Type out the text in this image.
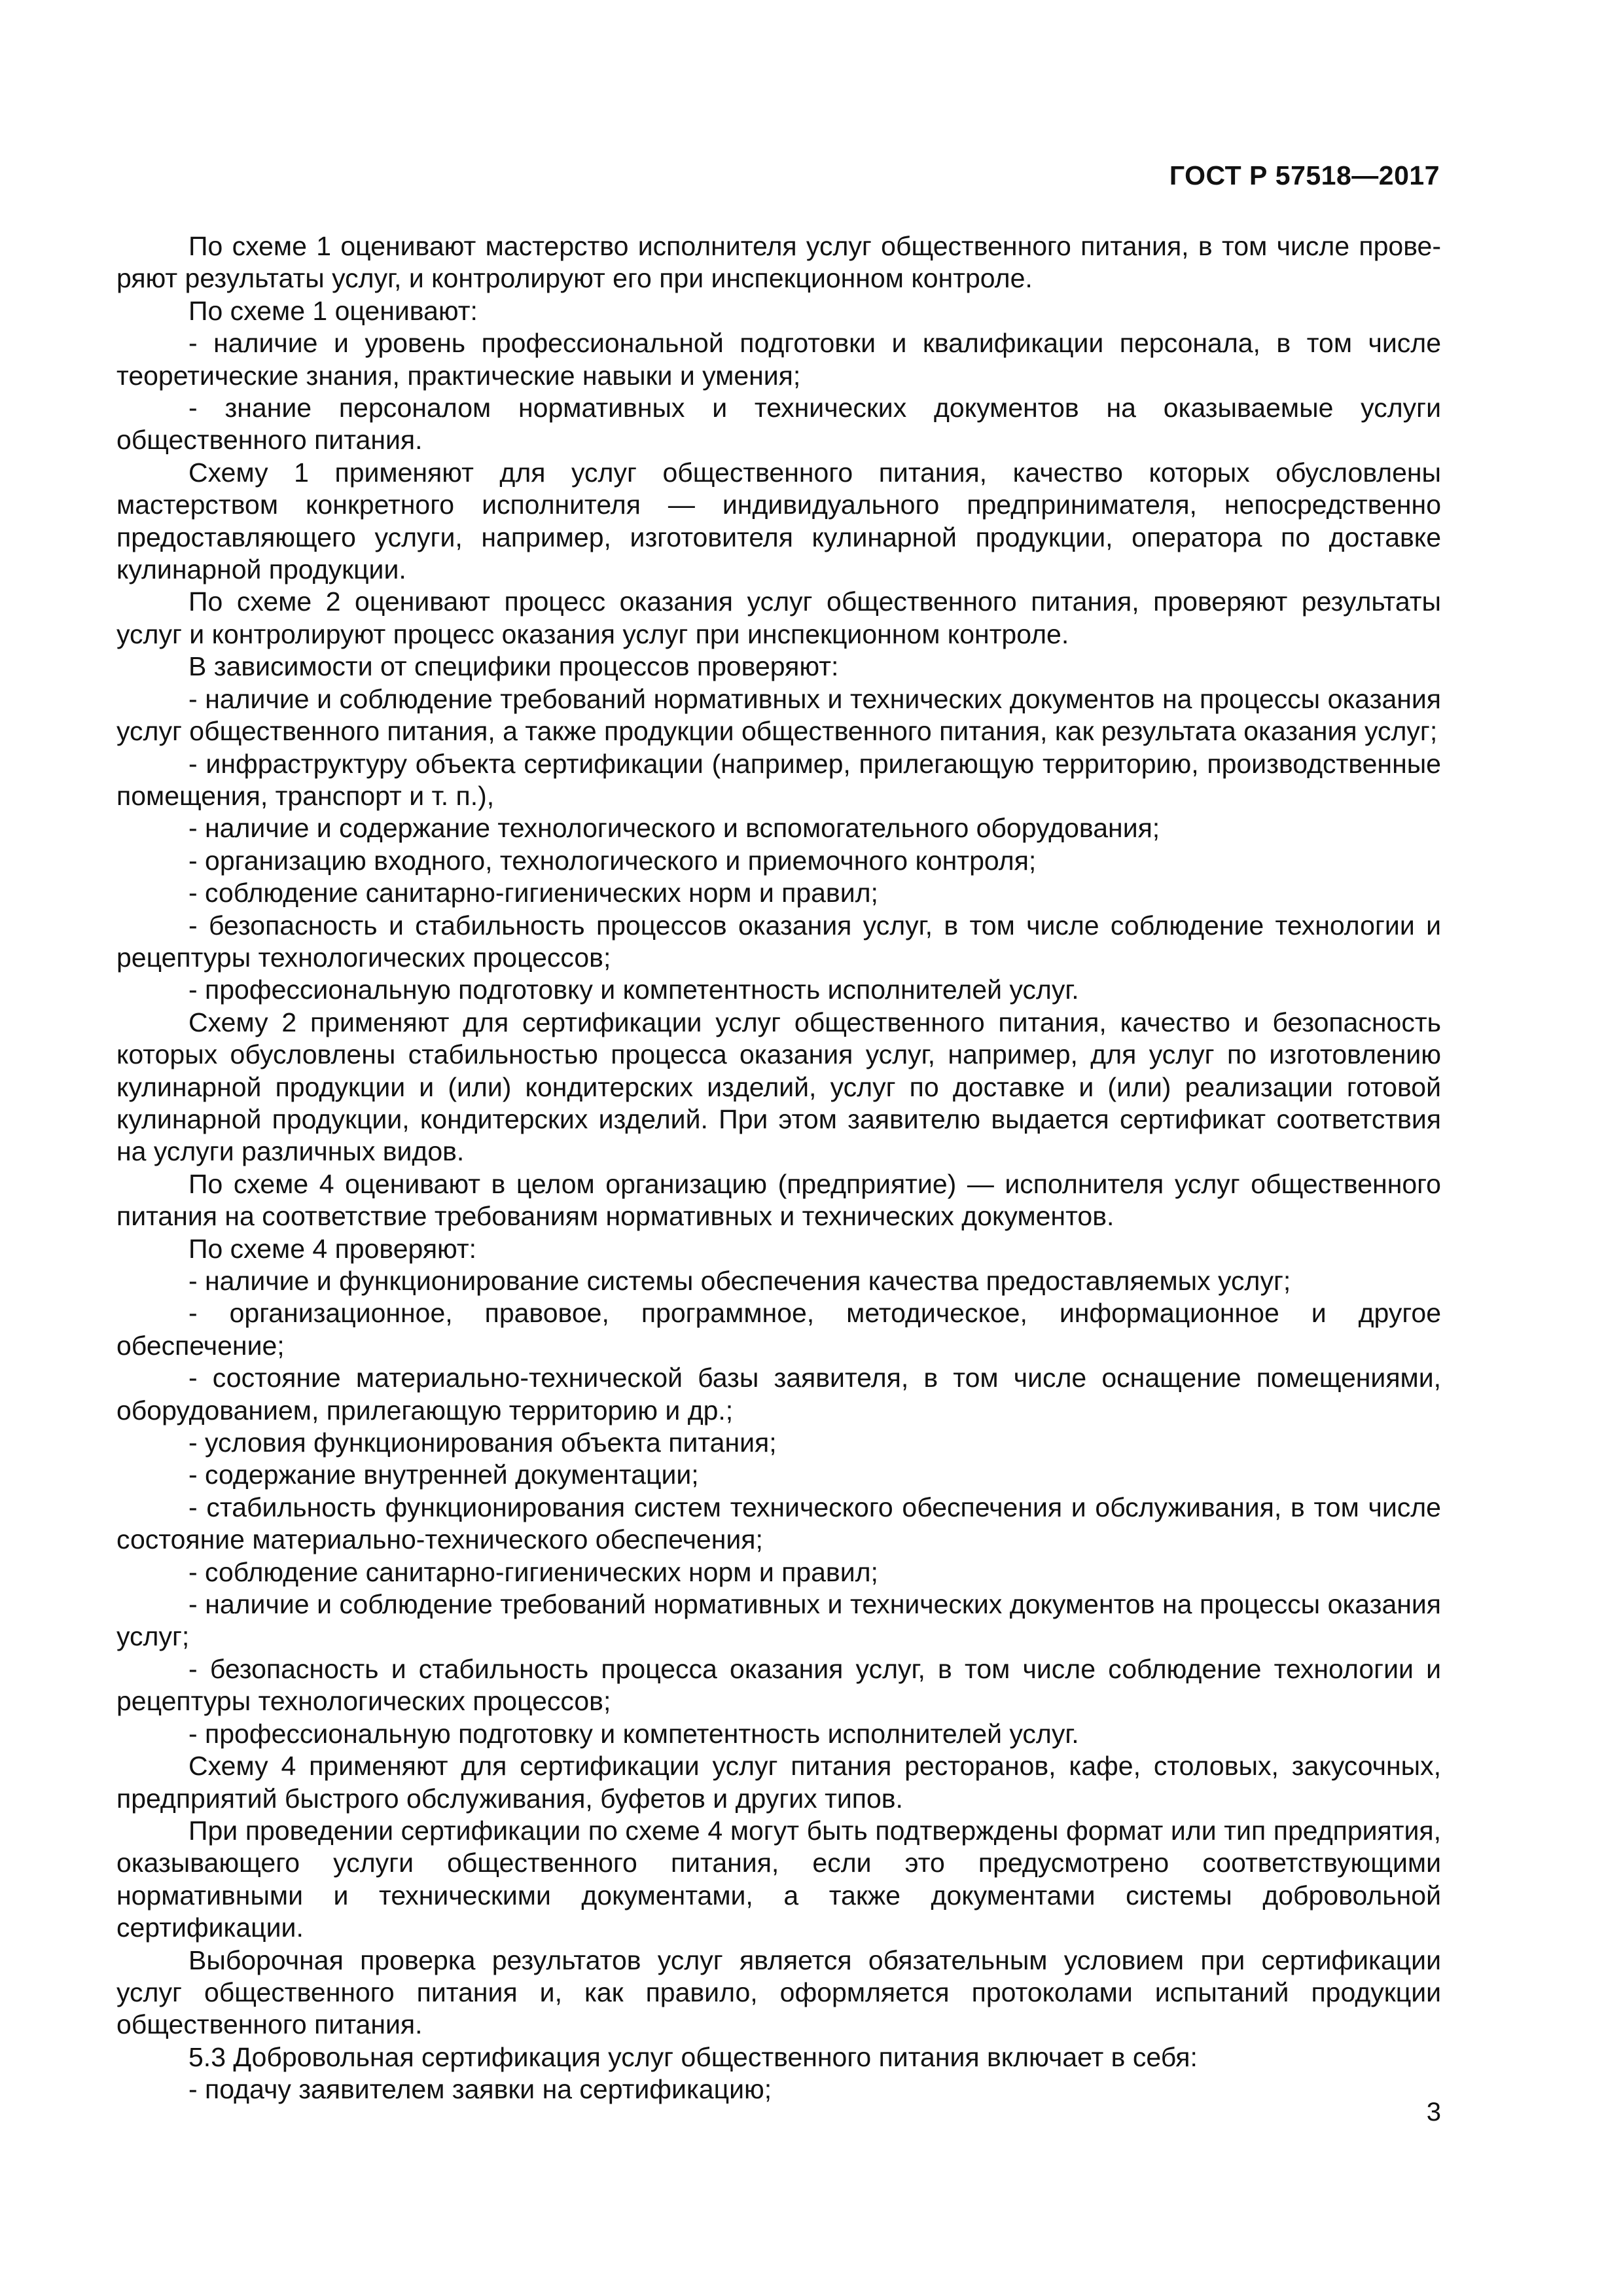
ГОСТ Р 57518—2017

По схеме 1 оценивают мастерство исполнителя услуг общественного питания, в том числе прове-ряют результаты услуг, и контролируют его при инспекционном контроле.

По схеме 1 оценивают:

- наличие и уровень профессиональной подготовки и квалификации персонала, в том числе теоретические знания, практические навыки и умения;

- знание персоналом нормативных и технических документов на оказываемые услуги общественного питания.

Схему 1 применяют для услуг общественного питания, качество которых обусловлены мастерством конкретного исполнителя — индивидуального предпринимателя, непосредственно предоставляющего услуги, например, изготовителя кулинарной продукции, оператора по доставке кулинарной продукции.

По схеме 2 оценивают процесс оказания услуг общественного питания, проверяют результаты услуг и контролируют процесс оказания услуг при инспекционном контроле.

В зависимости от специфики процессов проверяют:

- наличие и соблюдение требований нормативных и технических документов на процессы оказания услуг общественного питания, а также продукции общественного питания, как результата оказания услуг;

- инфраструктуру объекта сертификации (например, прилегающую территорию, производственные помещения, транспорт и т. п.),

- наличие и содержание технологического и вспомогательного оборудования;

- организацию входного, технологического и приемочного контроля;

- соблюдение санитарно-гигиенических норм и правил;

- безопасность и стабильность процессов оказания услуг, в том числе соблюдение технологии и рецептуры технологических процессов;

- профессиональную подготовку и компетентность исполнителей услуг.

Схему 2 применяют для сертификации услуг общественного питания, качество и безопасность которых обусловлены стабильностью процесса оказания услуг, например, для услуг по изготовлению кулинарной продукции и (или) кондитерских изделий, услуг по доставке и (или) реализации готовой кулинарной продукции, кондитерских изделий. При этом заявителю выдается сертификат соответствия на услуги различных видов.

По схеме 4 оценивают в целом организацию (предприятие) — исполнителя услуг общественного питания на соответствие требованиям нормативных и технических документов.

По схеме 4 проверяют:

- наличие и функционирование системы обеспечения качества предоставляемых услуг;

- организационное, правовое, программное, методическое, информационное и другое обеспечение;

- состояние материально-технической базы заявителя, в том числе оснащение помещениями, оборудованием, прилегающую территорию и др.;

- условия функционирования объекта питания;

- содержание внутренней документации;

- стабильность функционирования систем технического обеспечения и обслуживания, в том числе состояние материально-технического обеспечения;

- соблюдение санитарно-гигиенических норм и правил;

- наличие и соблюдение требований нормативных и технических документов на процессы оказания услуг;

- безопасность и стабильность процесса оказания услуг, в том числе соблюдение технологии и рецептуры технологических процессов;

- профессиональную подготовку и компетентность исполнителей услуг.

Схему 4 применяют для сертификации услуг питания ресторанов, кафе, столовых, закусочных, предприятий быстрого обслуживания, буфетов и других типов.

При проведении сертификации по схеме 4 могут быть подтверждены формат или тип предприятия, оказывающего услуги общественного питания, если это предусмотрено соответствующими нормативными и техническими документами, а также документами системы добровольной сертификации.

Выборочная проверка результатов услуг является обязательным условием при сертификации услуг общественного питания и, как правило, оформляется протоколами испытаний продукции общественного питания.

5.3 Добровольная сертификация услуг общественного питания включает в себя:

- подачу заявителем заявки на сертификацию;

3
